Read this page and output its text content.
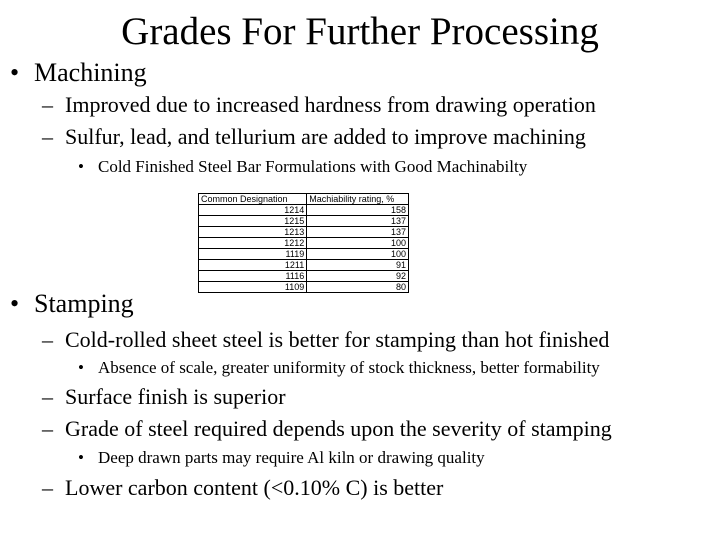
Grades For Further Processing
• Machining
– Improved due to increased hardness from drawing operation
– Sulfur, lead, and tellurium are added to improve machining
• Cold Finished Steel Bar Formulations with Good Machinabilty
Common Designation	Machiability rating, %
1214	158
1215	137
1213	137
1212	100
1119	100
1211	91
1116	92
1109	80
• Stamping
– Cold-rolled sheet steel is better for stamping than hot finished
• Absence of scale, greater uniformity of stock thickness, better formability
– Surface finish is superior
– Grade of steel required depends upon the severity of stamping
• Deep drawn parts may require Al kiln or drawing quality
– Lower carbon content (<0.10% C) is better
